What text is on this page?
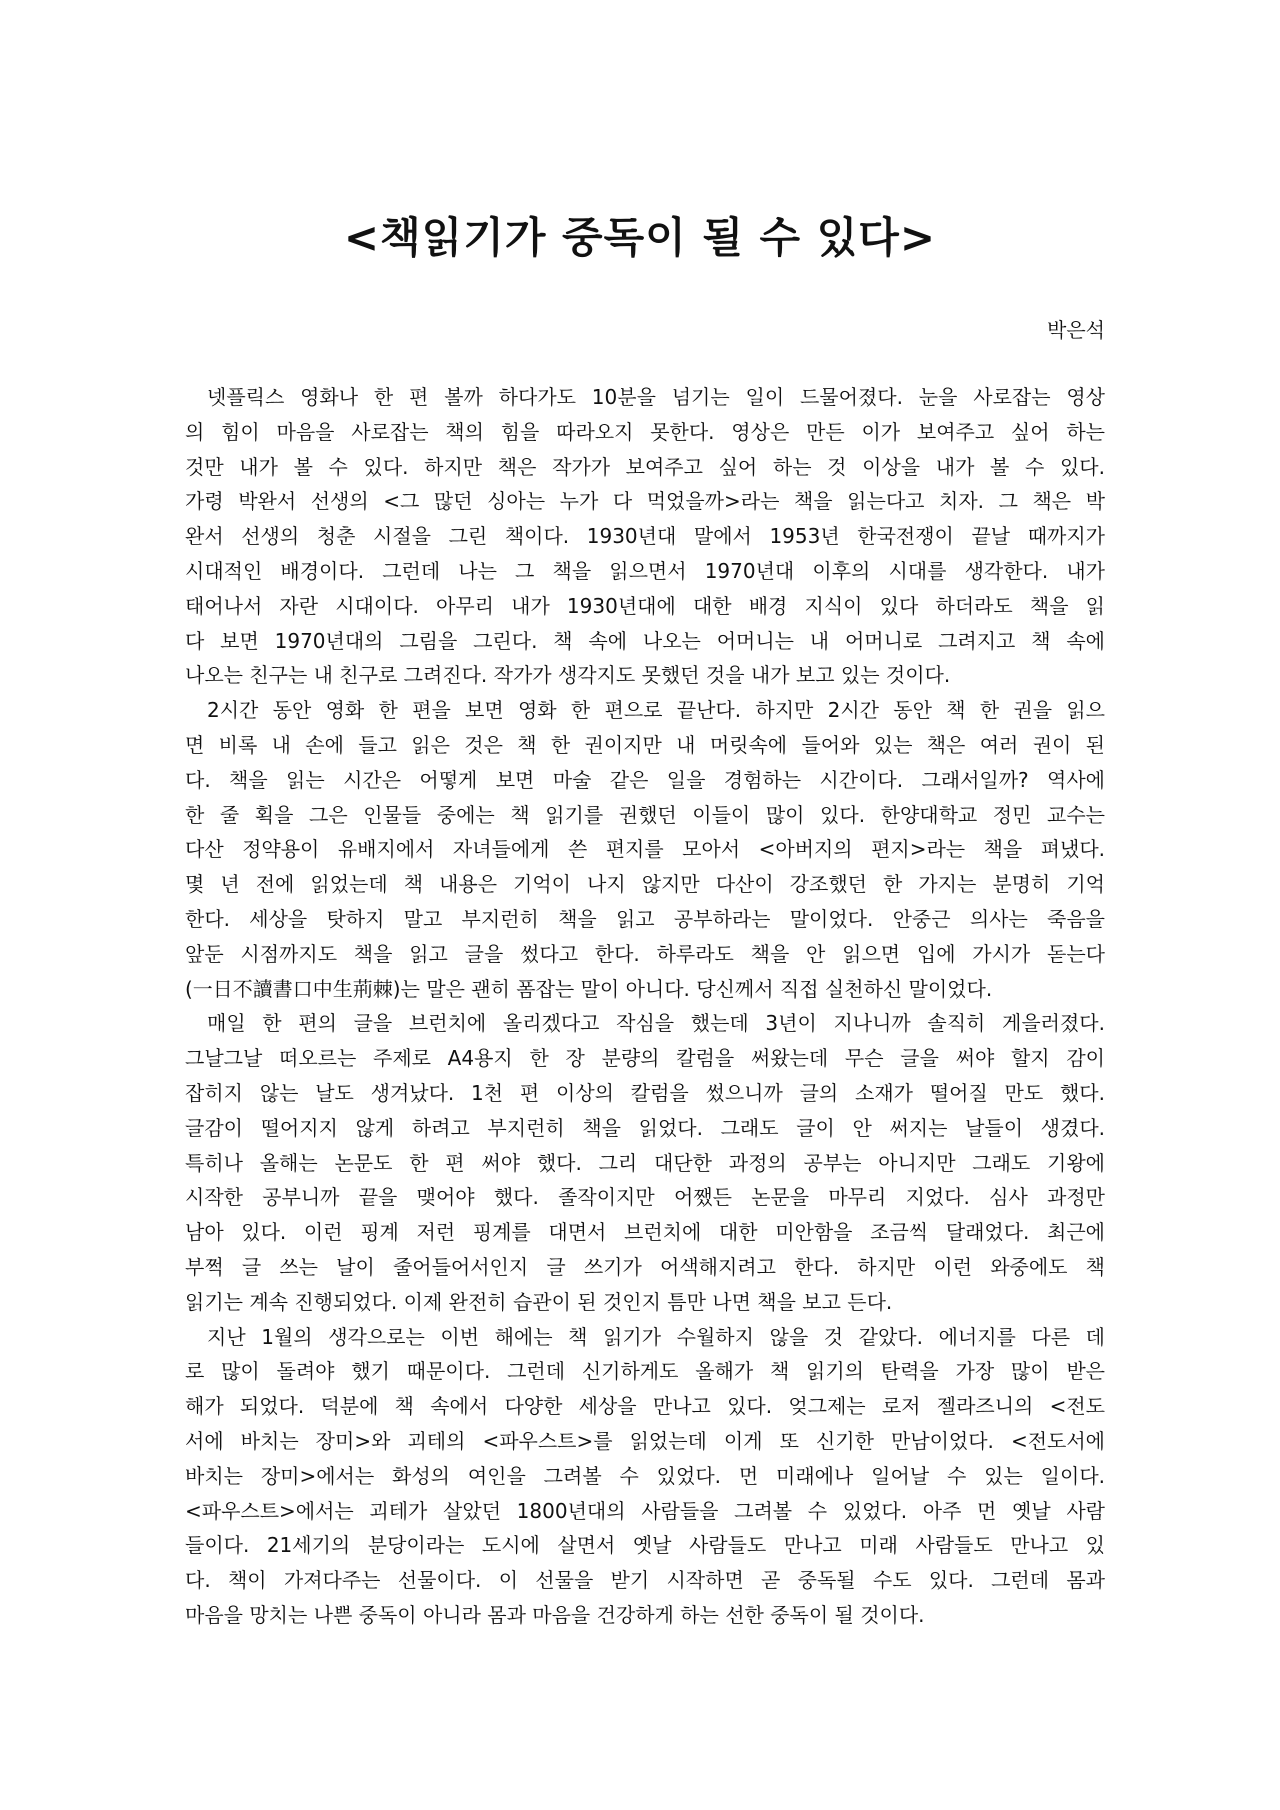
<책읽기가 중독이 될 수 있다>
박은석
넷플릭스 영화나 한 편 볼까 하다가도 10분을 넘기는 일이 드물어졌다. 눈을 사로잡는 영상
의 힘이 마음을 사로잡는 책의 힘을 따라오지 못한다. 영상은 만든 이가 보여주고 싶어 하는
것만 내가 볼 수 있다. 하지만 책은 작가가 보여주고 싶어 하는 것 이상을 내가 볼 수 있다.
가령 박완서 선생의 <그 많던 싱아는 누가 다 먹었을까>라는 책을 읽는다고 치자. 그 책은 박
완서 선생의 청춘 시절을 그린 책이다. 1930년대 말에서 1953년 한국전쟁이 끝날 때까지가
시대적인 배경이다. 그런데 나는 그 책을 읽으면서 1970년대 이후의 시대를 생각한다. 내가
태어나서 자란 시대이다. 아무리 내가 1930년대에 대한 배경 지식이 있다 하더라도 책을 읽
다 보면 1970년대의 그림을 그린다. 책 속에 나오는 어머니는 내 어머니로 그려지고 책 속에
나오는 친구는 내 친구로 그려진다. 작가가 생각지도 못했던 것을 내가 보고 있는 것이다.
2시간 동안 영화 한 편을 보면 영화 한 편으로 끝난다. 하지만 2시간 동안 책 한 권을 읽으
면 비록 내 손에 들고 읽은 것은 책 한 권이지만 내 머릿속에 들어와 있는 책은 여러 권이 된
다. 책을 읽는 시간은 어떻게 보면 마술 같은 일을 경험하는 시간이다. 그래서일까? 역사에
한 줄 획을 그은 인물들 중에는 책 읽기를 권했던 이들이 많이 있다. 한양대학교 정민 교수는
다산 정약용이 유배지에서 자녀들에게 쓴 편지를 모아서 <아버지의 편지>라는 책을 펴냈다.
몇 년 전에 읽었는데 책 내용은 기억이 나지 않지만 다산이 강조했던 한 가지는 분명히 기억
한다. 세상을 탓하지 말고 부지런히 책을 읽고 공부하라는 말이었다. 안중근 의사는 죽음을
앞둔 시점까지도 책을 읽고 글을 썼다고 한다. 하루라도 책을 안 읽으면 입에 가시가 돋는다
(一日不讀書口中生荊棘)는 말은 괜히 폼잡는 말이 아니다. 당신께서 직접 실천하신 말이었다.
매일 한 편의 글을 브런치에 올리겠다고 작심을 했는데 3년이 지나니까 솔직히 게을러졌다.
그날그날 떠오르는 주제로 A4용지 한 장 분량의 칼럼을 써왔는데 무슨 글을 써야 할지 감이
잡히지 않는 날도 생겨났다. 1천 편 이상의 칼럼을 썼으니까 글의 소재가 떨어질 만도 했다.
글감이 떨어지지 않게 하려고 부지런히 책을 읽었다. 그래도 글이 안 써지는 날들이 생겼다.
특히나 올해는 논문도 한 편 써야 했다. 그리 대단한 과정의 공부는 아니지만 그래도 기왕에
시작한 공부니까 끝을 맺어야 했다. 졸작이지만 어쨌든 논문을 마무리 지었다. 심사 과정만
남아 있다. 이런 핑계 저런 핑계를 대면서 브런치에 대한 미안함을 조금씩 달래었다. 최근에
부쩍 글 쓰는 날이 줄어들어서인지 글 쓰기가 어색해지려고 한다. 하지만 이런 와중에도 책
읽기는 계속 진행되었다. 이제 완전히 습관이 된 것인지 틈만 나면 책을 보고 든다.
지난 1월의 생각으로는 이번 해에는 책 읽기가 수월하지 않을 것 같았다. 에너지를 다른 데
로 많이 돌려야 했기 때문이다. 그런데 신기하게도 올해가 책 읽기의 탄력을 가장 많이 받은
해가 되었다. 덕분에 책 속에서 다양한 세상을 만나고 있다. 엊그제는 로저 젤라즈니의 <전도
서에 바치는 장미>와 괴테의 <파우스트>를 읽었는데 이게 또 신기한 만남이었다. <전도서에
바치는 장미>에서는 화성의 여인을 그려볼 수 있었다. 먼 미래에나 일어날 수 있는 일이다.
<파우스트>에서는 괴테가 살았던 1800년대의 사람들을 그려볼 수 있었다. 아주 먼 옛날 사람
들이다. 21세기의 분당이라는 도시에 살면서 옛날 사람들도 만나고 미래 사람들도 만나고 있
다. 책이 가져다주는 선물이다. 이 선물을 받기 시작하면 곧 중독될 수도 있다. 그런데 몸과
마음을 망치는 나쁜 중독이 아니라 몸과 마음을 건강하게 하는 선한 중독이 될 것이다.
